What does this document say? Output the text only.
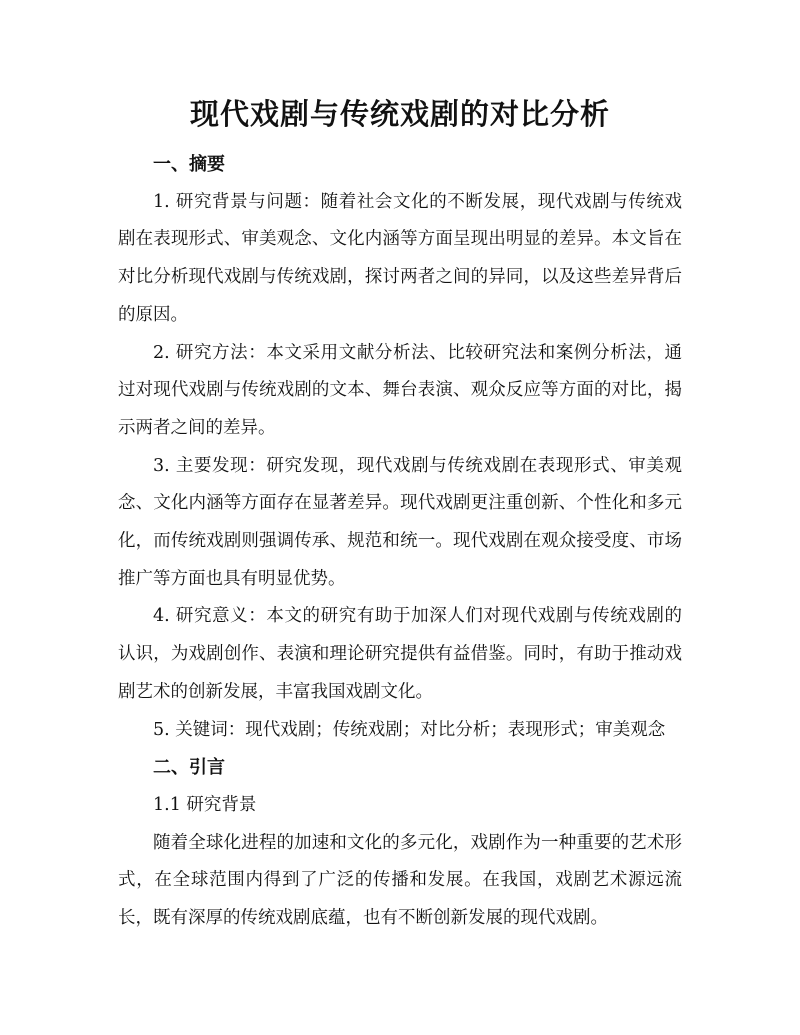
现代戏剧与传统戏剧的对比分析

一、摘要

1. 研究背景与问题：随着社会文化的不断发展，现代戏剧与传统戏剧在表现形式、审美观念、文化内涵等方面呈现出明显的差异。本文旨在对比分析现代戏剧与传统戏剧，探讨两者之间的异同，以及这些差异背后的原因。

2. 研究方法：本文采用文献分析法、比较研究法和案例分析法，通过对现代戏剧与传统戏剧的文本、舞台表演、观众反应等方面的对比，揭示两者之间的差异。

3. 主要发现：研究发现，现代戏剧与传统戏剧在表现形式、审美观念、文化内涵等方面存在显著差异。现代戏剧更注重创新、个性化和多元化，而传统戏剧则强调传承、规范和统一。现代戏剧在观众接受度、市场推广等方面也具有明显优势。

4. 研究意义：本文的研究有助于加深人们对现代戏剧与传统戏剧的认识，为戏剧创作、表演和理论研究提供有益借鉴。同时，有助于推动戏剧艺术的创新发展，丰富我国戏剧文化。

5. 关键词：现代戏剧；传统戏剧；对比分析；表现形式；审美观念

二、引言

1.1 研究背景

随着全球化进程的加速和文化的多元化，戏剧作为一种重要的艺术形式，在全球范围内得到了广泛的传播和发展。在我国，戏剧艺术源远流长，既有深厚的传统戏剧底蕴，也有不断创新发展的现代戏剧。
